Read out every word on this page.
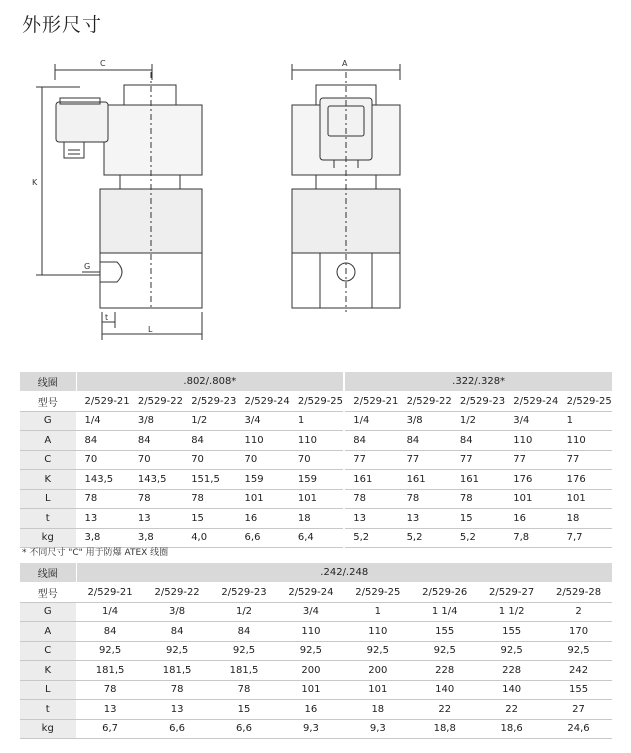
外形尺寸
C
K
G
t
L
A
线圈	.802/.808*					.322/.328*				
型号	2/529-21	2/529-22	2/529-23	2/529-24	2/529-25	2/529-21	2/529-22	2/529-23	2/529-24	2/529-25
G	1/4	3/8	1/2	3/4	1	1/4	3/8	1/2	3/4	1
A	84	84	84	110	110	84	84	84	110	110
C	70	70	70	70	70	77	77	77	77	77
K	143,5	143,5	151,5	159	159	161	161	161	176	176
L	78	78	78	101	101	78	78	78	101	101
t	13	13	15	16	18	13	13	15	16	18
kg	3,8	3,8	4,0	6,6	6,4	5,2	5,2	5,2	7,8	7,7
* 不同尺寸 "C" 用于防爆 ATEX 线圈
线圈	.242/.248							
型号	2/529-21	2/529-22	2/529-23	2/529-24	2/529-25	2/529-26	2/529-27	2/529-28
G	1/4	3/8	1/2	3/4	1	1 1/4	1 1/2	2
A	84	84	84	110	110	155	155	170
C	92,5	92,5	92,5	92,5	92,5	92,5	92,5	92,5
K	181,5	181,5	181,5	200	200	228	228	242
L	78	78	78	101	101	140	140	155
t	13	13	15	16	18	22	22	27
kg	6,7	6,6	6,6	9,3	9,3	18,8	18,6	24,6
